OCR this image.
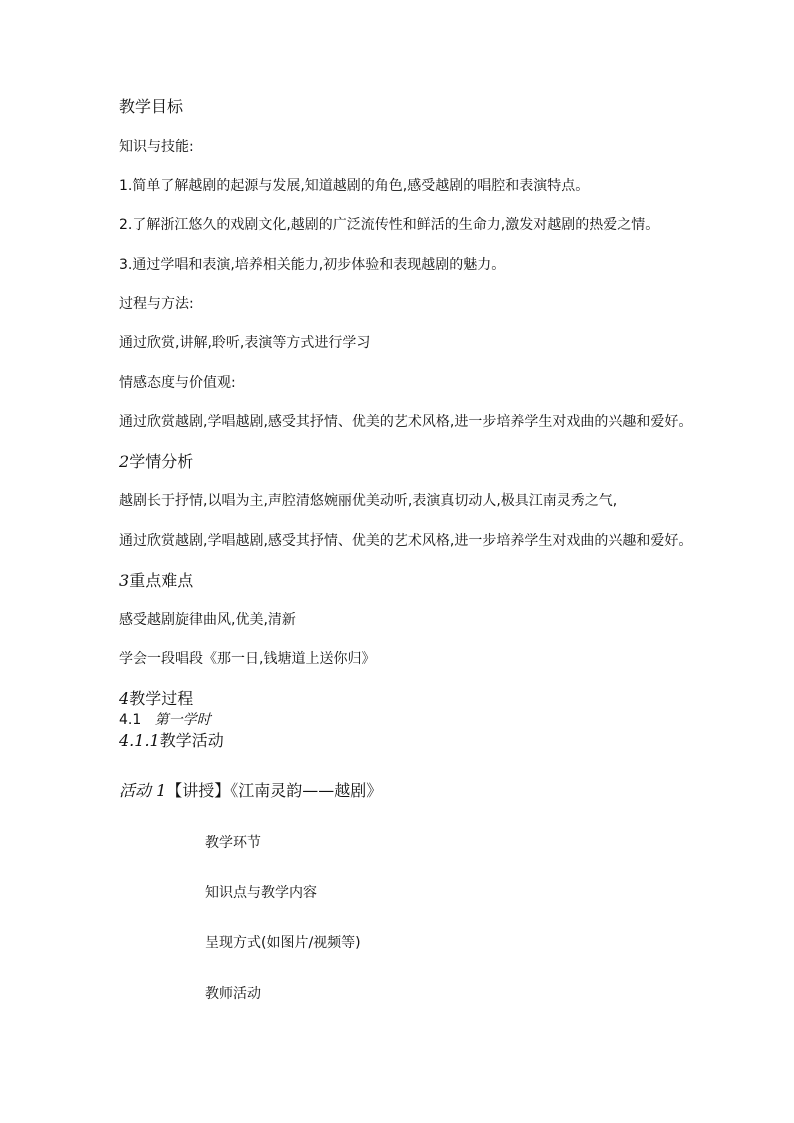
教学目标
知识与技能:
1.简单了解越剧的起源与发展,知道越剧的角色,感受越剧的唱腔和表演特点。
2.了解浙江悠久的戏剧文化,越剧的广泛流传性和鲜活的生命力,激发对越剧的热爱之情。
3.通过学唱和表演,培养相关能力,初步体验和表现越剧的魅力。
过程与方法:
通过欣赏,讲解,聆听,表演等方式进行学习
情感态度与价值观:
通过欣赏越剧,学唱越剧,感受其抒情、优美的艺术风格,进一步培养学生对戏曲的兴趣和爱好。
2学情分析
越剧长于抒情,以唱为主,声腔清悠婉丽优美动听,表演真切动人,极具江南灵秀之气,
通过欣赏越剧,学唱越剧,感受其抒情、优美的艺术风格,进一步培养学生对戏曲的兴趣和爱好。
3重点难点
感受越剧旋律曲风,优美,清新
学会一段唱段《那一日,钱塘道上送你归》
4教学过程
4.1 第一学时
4.1.1教学活动
活动 1【讲授】《江南灵韵——越剧》
教学环节
知识点与教学内容
呈现方式(如图片/视频等)
教师活动
